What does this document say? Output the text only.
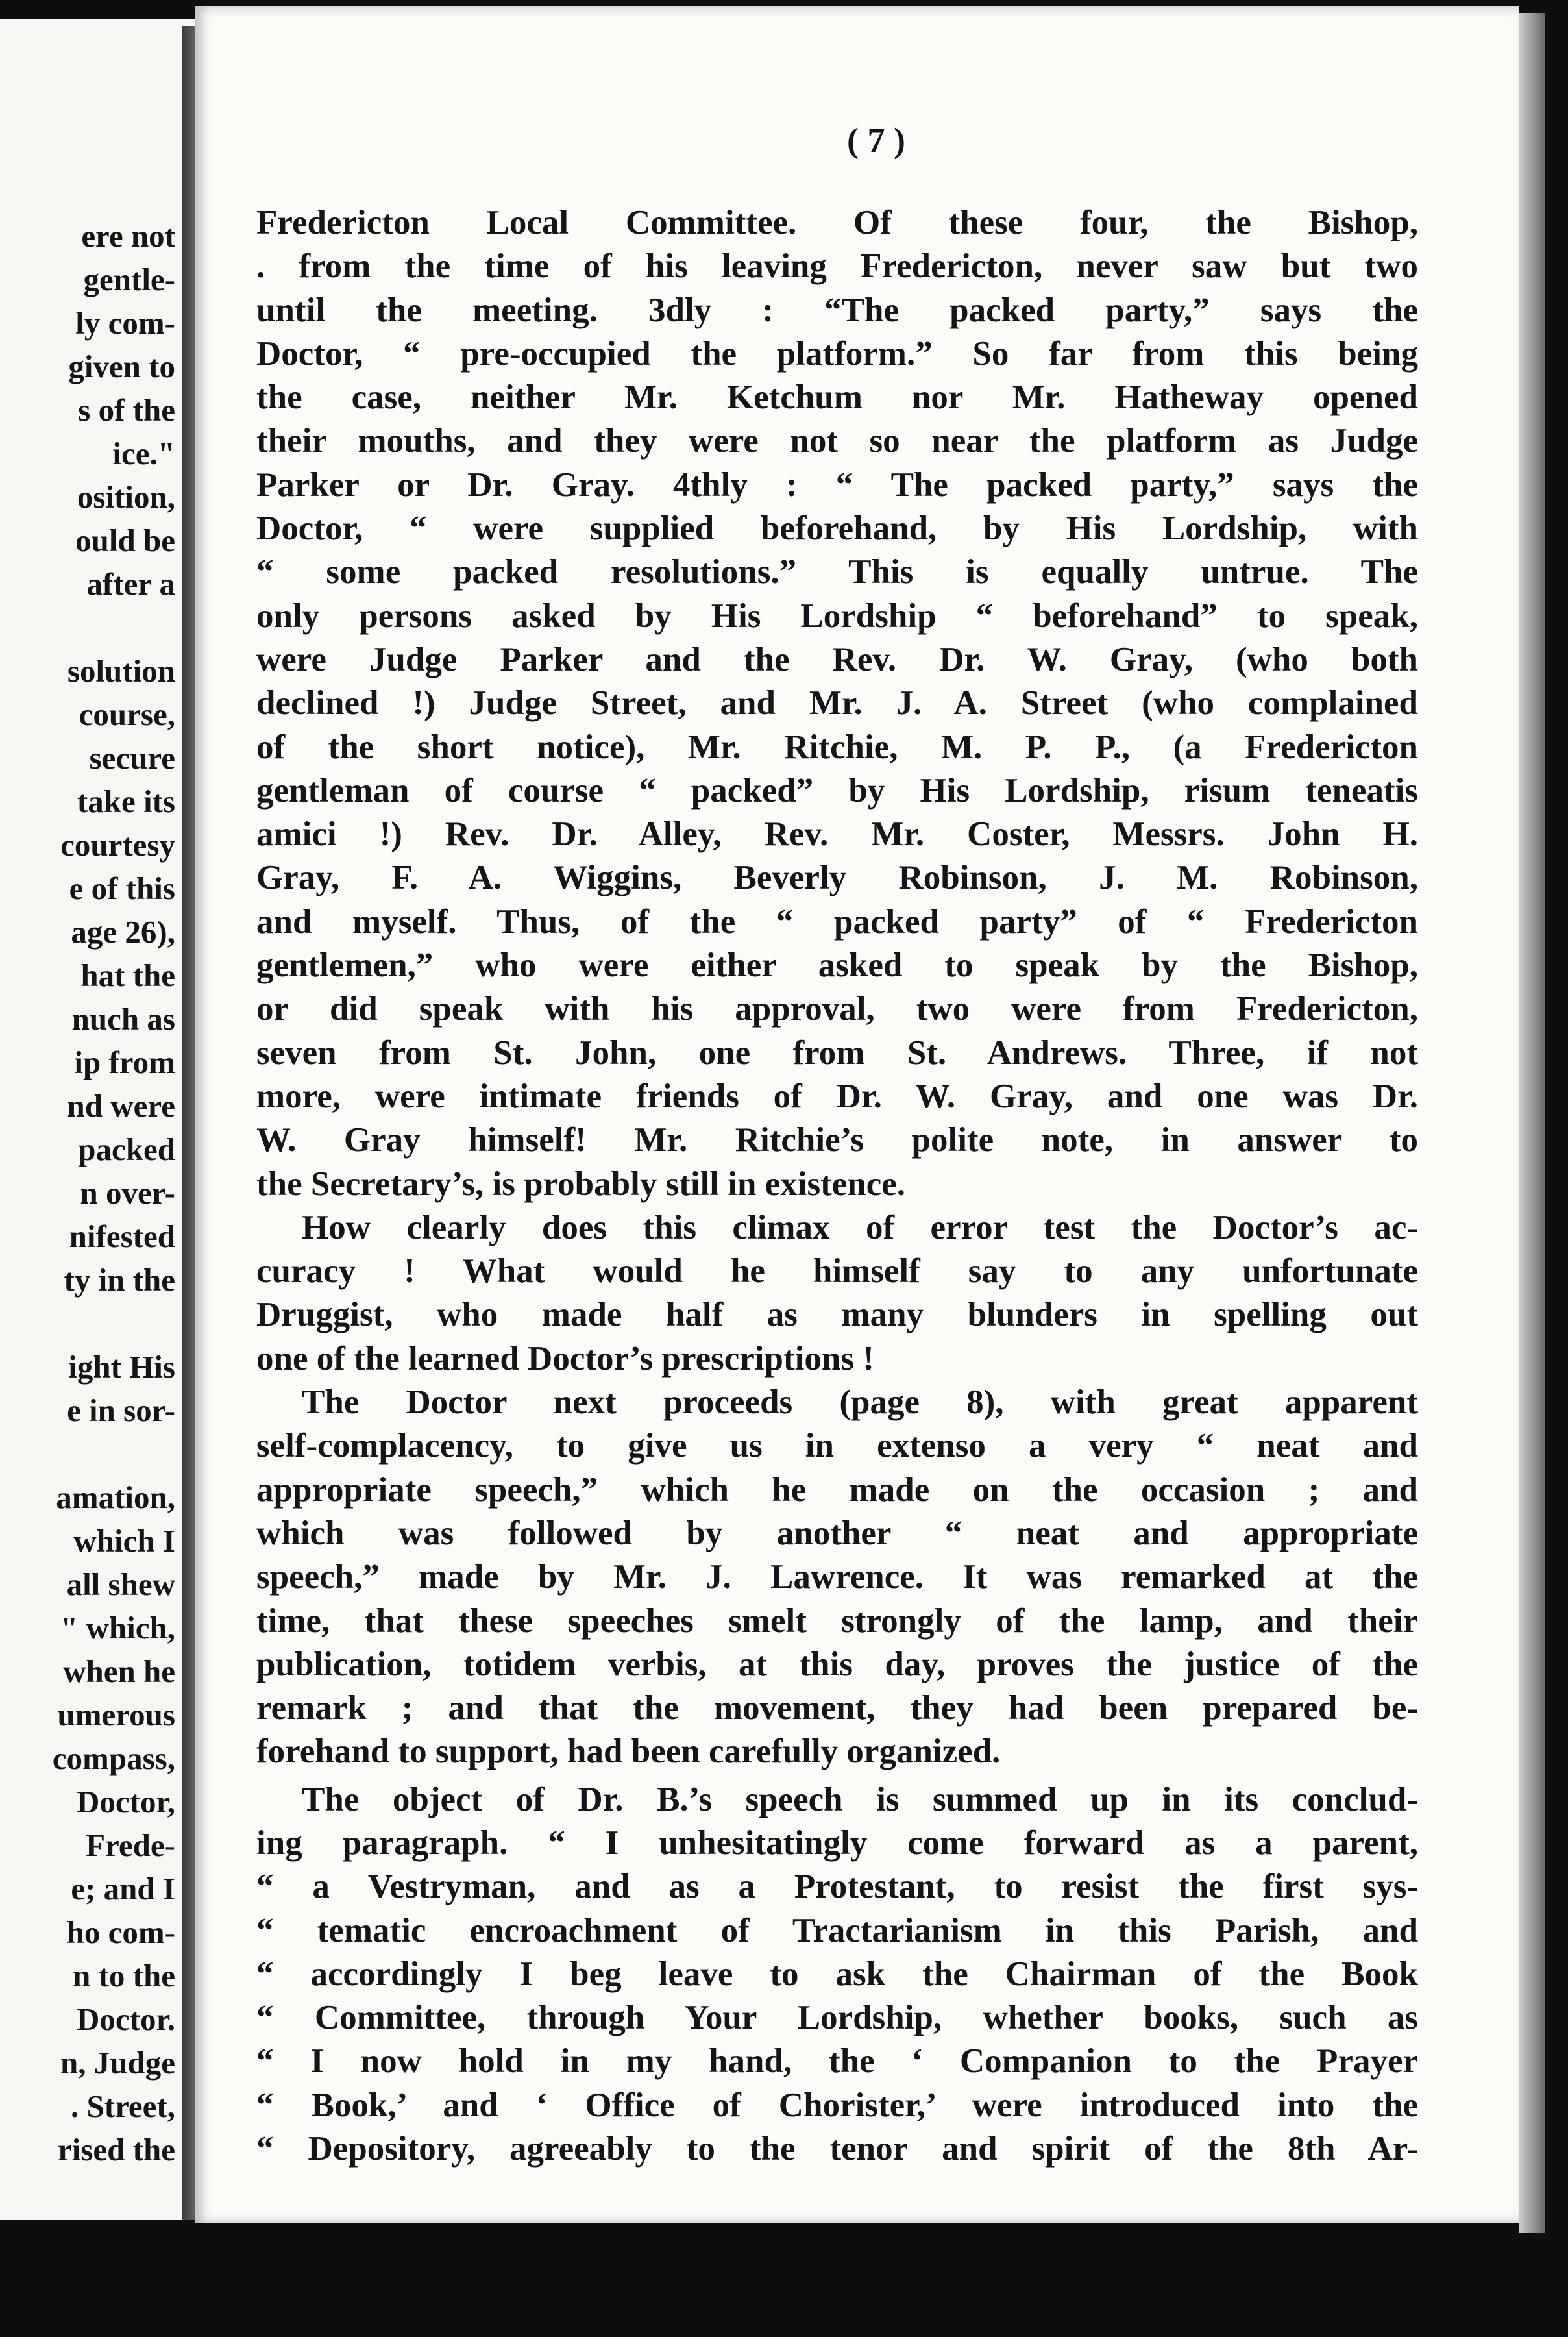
ere not
gentle-
ly com-
given to
s of the
ice."
osition,
ould be
after a
solution
course,
secure
take its
courtesy
e of this
age 26),
hat the
nuch as
ip from
nd were
packed
n over-
nifested
ty in the
ight His
e in sor-
amation,
which I
all shew
" which,
when he
umerous
compass,
Doctor,
Frede-
e; and I
ho com-
n to the
Doctor.
n, Judge
. Street,
rised the
( 7 )
Fredericton Local Committee. Of these four, the Bishop,
. from the time of his leaving Fredericton, never saw but two
until the meeting. 3dly : “The packed party,” says the
Doctor, “ pre-occupied the platform.” So far from this being
the case, neither Mr. Ketchum nor Mr. Hatheway opened
their mouths, and they were not so near the platform as Judge
Parker or Dr. Gray. 4thly : “ The packed party,” says the
Doctor, “ were supplied beforehand, by His Lordship, with
“ some packed resolutions.” This is equally untrue. The
only persons asked by His Lordship “ beforehand” to speak,
were Judge Parker and the Rev. Dr. W. Gray, (who both
declined !) Judge Street, and Mr. J. A. Street (who complained
of the short notice), Mr. Ritchie, M. P. P., (a Fredericton
gentleman of course “ packed” by His Lordship, risum teneatis
amici !) Rev. Dr. Alley, Rev. Mr. Coster, Messrs. John H.
Gray, F. A. Wiggins, Beverly Robinson, J. M. Robinson,
and myself. Thus, of the “ packed party” of “ Fredericton
gentlemen,” who were either asked to speak by the Bishop,
or did speak with his approval, two were from Fredericton,
seven from St. John, one from St. Andrews. Three, if not
more, were intimate friends of Dr. W. Gray, and one was Dr.
W. Gray himself! Mr. Ritchie’s polite note, in answer to
the Secretary’s, is probably still in existence.
How clearly does this climax of error test the Doctor’s ac-
curacy ! What would he himself say to any unfortunate
Druggist, who made half as many blunders in spelling out
one of the learned Doctor’s prescriptions !
The Doctor next proceeds (page 8), with great apparent
self-complacency, to give us in extenso a very “ neat and
appropriate speech,” which he made on the occasion ; and
which was followed by another “ neat and appropriate
speech,” made by Mr. J. Lawrence. It was remarked at the
time, that these speeches smelt strongly of the lamp, and their
publication, totidem verbis, at this day, proves the justice of the
remark ; and that the movement, they had been prepared be-
forehand to support, had been carefully organized.
The object of Dr. B.’s speech is summed up in its conclud-
ing paragraph. “ I unhesitatingly come forward as a parent,
“ a Vestryman, and as a Protestant, to resist the first sys-
“ tematic encroachment of Tractarianism in this Parish, and
“ accordingly I beg leave to ask the Chairman of the Book
“ Committee, through Your Lordship, whether books, such as
“ I now hold in my hand, the ‘ Companion to the Prayer
“ Book,’ and ‘ Office of Chorister,’ were introduced into the
“ Depository, agreeably to the tenor and spirit of the 8th Ar-
